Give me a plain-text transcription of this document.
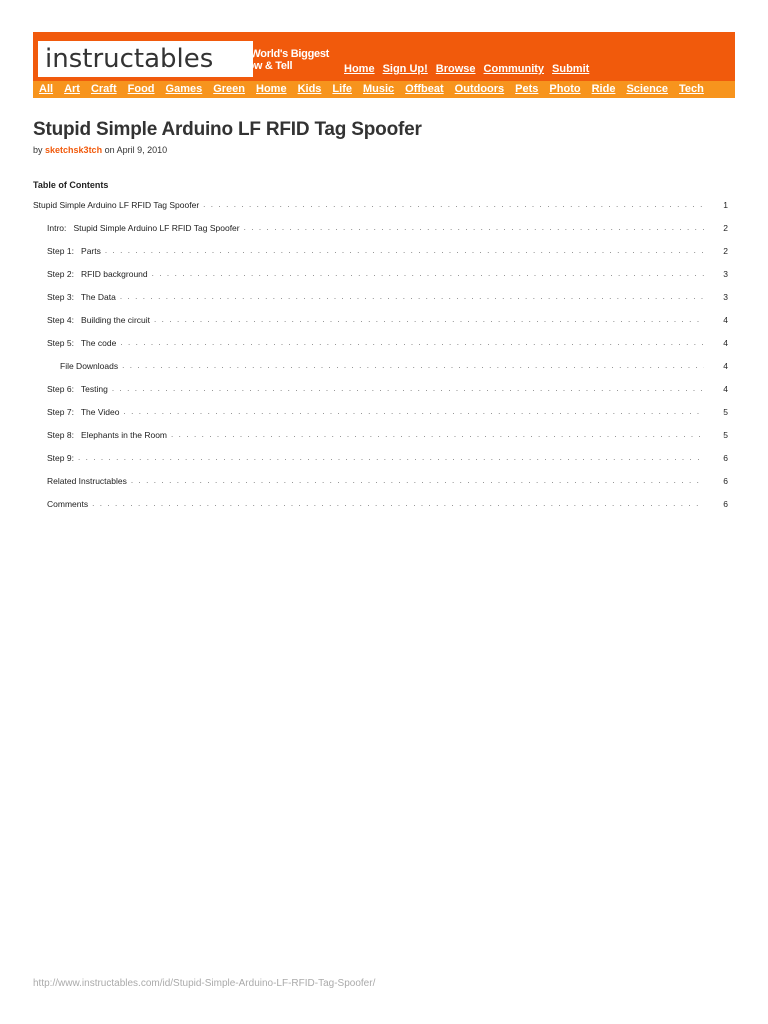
instructables The World's Biggest
Show & Tell	Home Sign Up! Browse Community Submit
All Art Craft Food Games Green Home Kids Life Music Offbeat Outdoors Pets Photo Ride Science Tech
Stupid Simple Arduino LF RFID Tag Spoofer
by sketchsk3tch on April 9, 2010
Table of Contents
Stupid Simple Arduino LF RFID Tag Spoofer . . .	1
Intro:   Stupid Simple Arduino LF RFID Tag Spoofer . . .	2
Step 1:   Parts . . .	2
Step 2:   RFID background . . .	3
Step 3:   The Data . . .	3
Step 4:   Building the circuit . . .	4
Step 5:   The code . . .	4
File Downloads . . .	4
Step 6:   Testing . . .	4
Step 7:   The Video . . .	5
Step 8:   Elephants in the Room . . .	5
Step 9: . . .	6
Related Instructables . . .	6
Comments . . .	6
http://www.instructables.com/id/Stupid-Simple-Arduino-LF-RFID-Tag-Spoofer/
